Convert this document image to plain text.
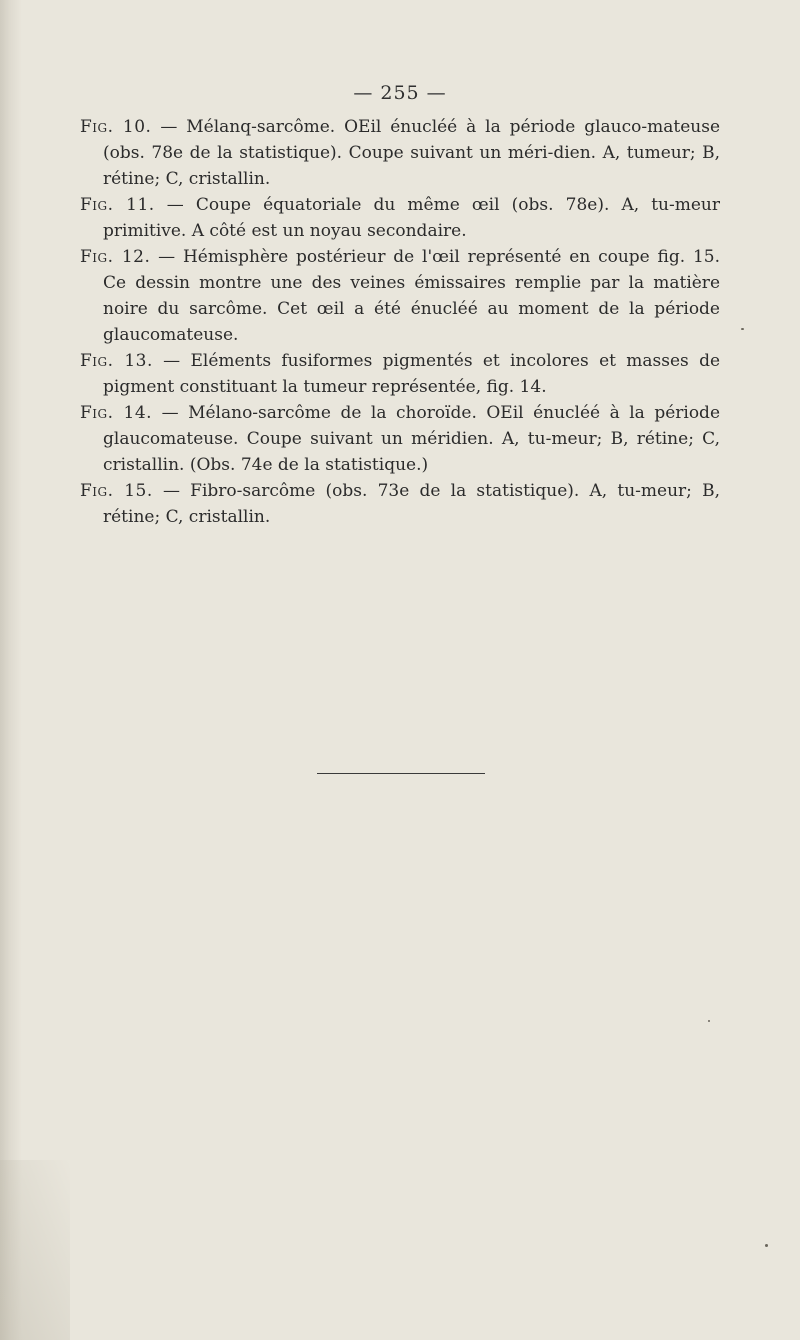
— 255 —

Fig. 10. — Mélanq-sarcôme. OEil énucléé à la période glauco-mateuse (obs. 78e de la statistique). Coupe suivant un méri-dien. A, tumeur; B, rétine; C, cristallin.

Fig. 11. — Coupe équatoriale du même œil (obs. 78e). A, tu-meur primitive. A côté est un noyau secondaire.

Fig. 12. — Hémisphère postérieur de l'œil représenté en coupe fig. 15. Ce dessin montre une des veines émissaires remplie par la matière noire du sarcôme. Cet œil a été énucléé au moment de la période glaucomateuse.

Fig. 13. — Eléments fusiformes pigmentés et incolores et masses de pigment constituant la tumeur représentée, fig. 14.

Fig. 14. — Mélano-sarcôme de la choroïde. OEil énucléé à la période glaucomateuse. Coupe suivant un méridien. A, tu-meur; B, rétine; C, cristallin. (Obs. 74e de la statistique.)

Fig. 15. — Fibro-sarcôme (obs. 73e de la statistique). A, tu-meur; B, rétine; C, cristallin.
